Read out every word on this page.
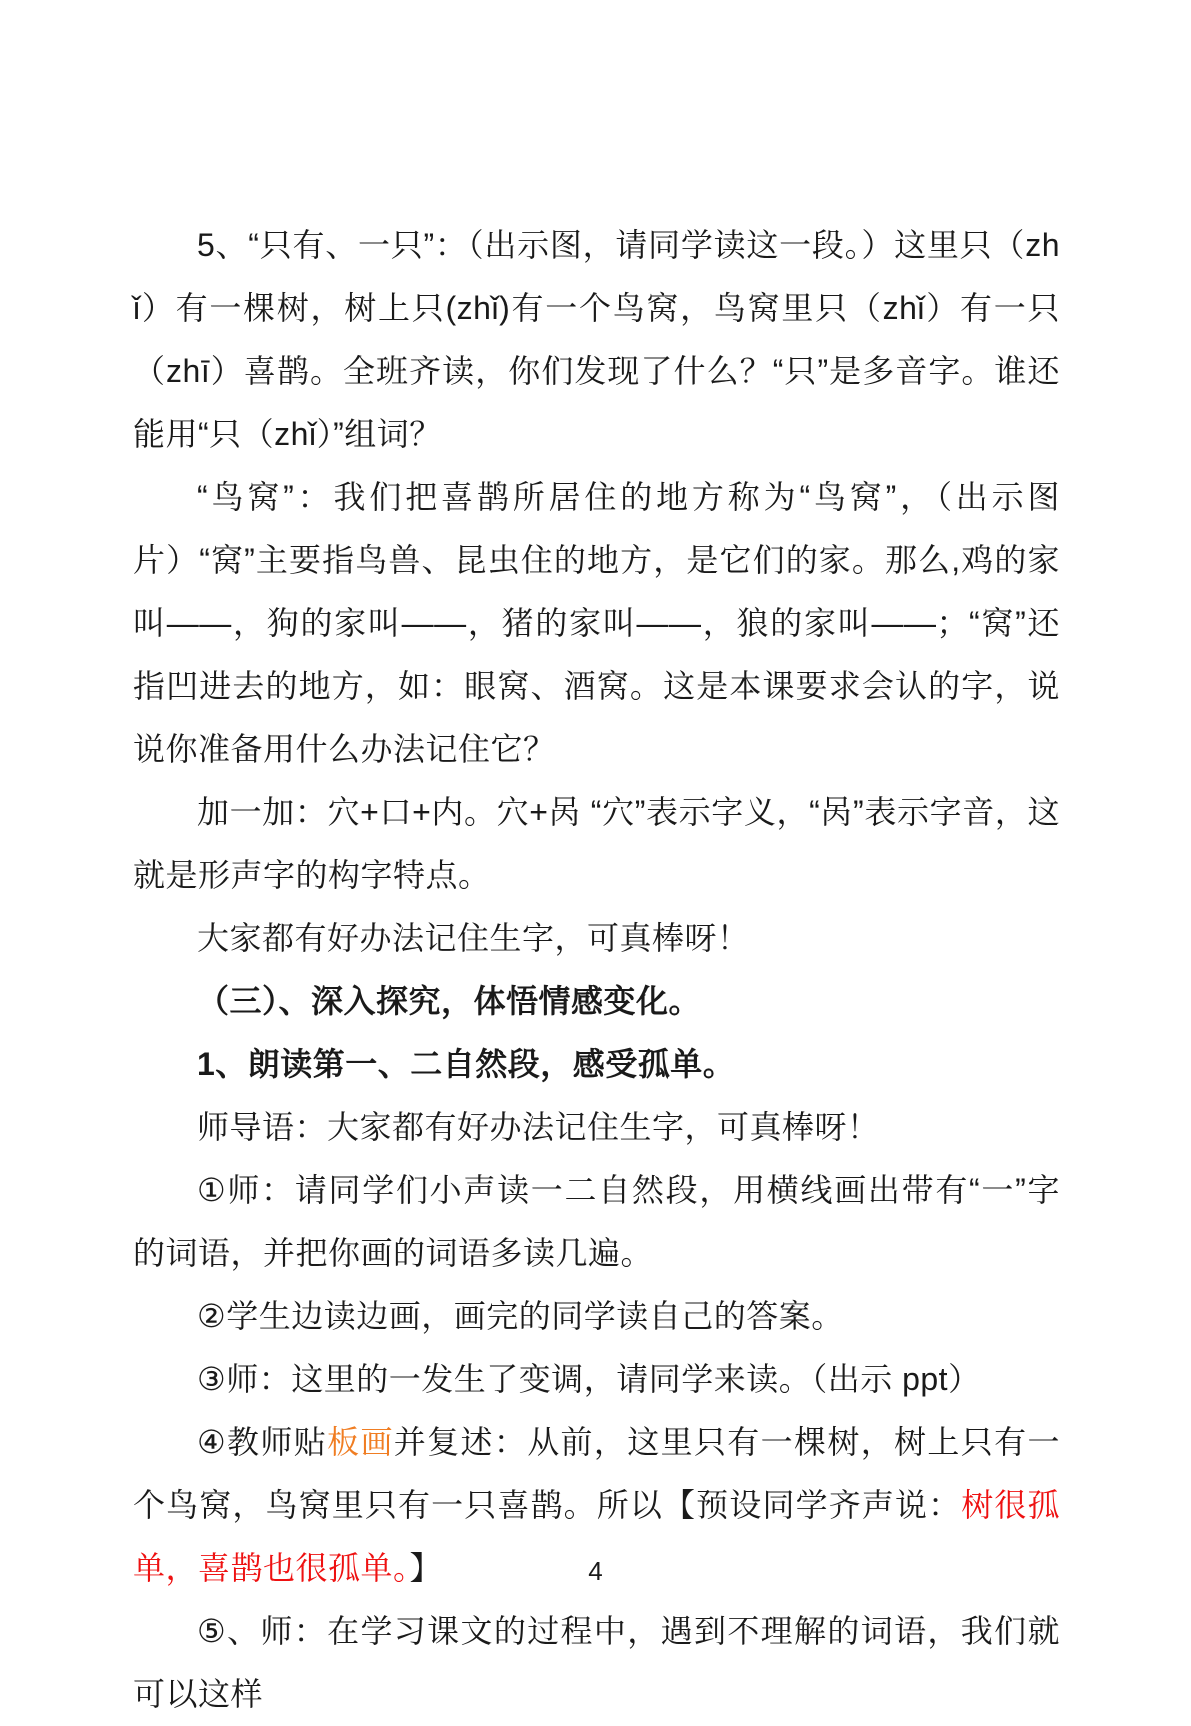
5、“只有、一只”：（出示图，请同学读这一段。）这里只（zhǐ）有一棵树，树上只(zhǐ)有一个鸟窝，鸟窝里只（zhǐ）有一只（zhī）喜鹊。全班齐读，你们发现了什么？“只”是多音字。谁还能用“只（zhǐ）”组词？

“鸟窝”：我们把喜鹊所居住的地方称为“鸟窝”，（出示图片）“窝”主要指鸟兽、昆虫住的地方，是它们的家。那么,鸡的家叫——，狗的家叫——，猪的家叫——，狼的家叫——；“窝”还指凹进去的地方，如：眼窝、酒窝。这是本课要求会认的字，说说你准备用什么办法记住它？

加一加：穴+口+内。穴+呙 “穴”表示字义，“呙”表示字音，这就是形声字的构字特点。

大家都有好办法记住生字，可真棒呀！

（三）、深入探究，体悟情感变化。

1、朗读第一、二自然段，感受孤单。

师导语：大家都有好办法记住生字，可真棒呀！

①师：请同学们小声读一二自然段，用横线画出带有“一”字的词语，并把你画的词语多读几遍。

②学生边读边画，画完的同学读自己的答案。

③师：这里的一发生了变调，请同学来读。（出示 ppt）

④教师贴板画并复述：从前，这里只有一棵树，树上只有一个鸟窝，鸟窝里只有一只喜鹊。所以【预设同学齐声说：树很孤单，喜鹊也很孤单。】

⑤、师：在学习课文的过程中，遇到不理解的词语，我们就可以这样

4
